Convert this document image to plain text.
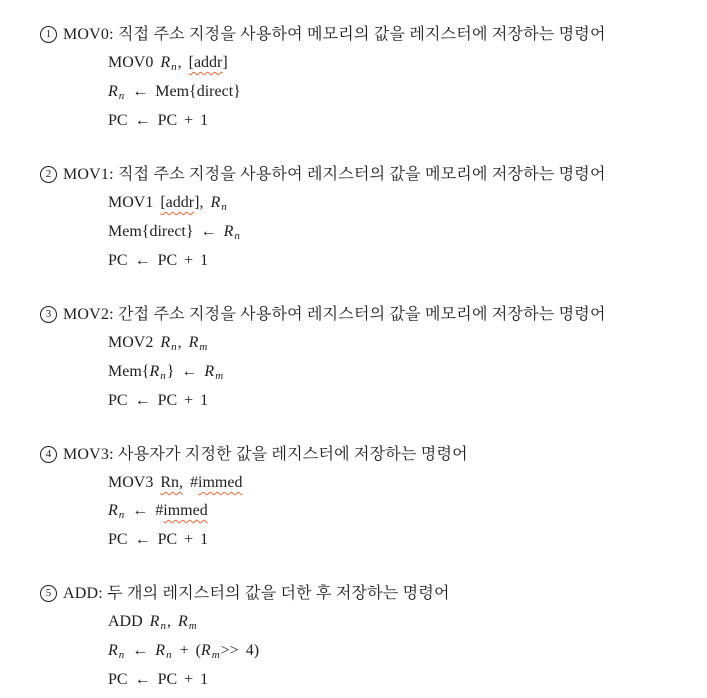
1 MOV0: 직접 주소 지정을 사용하여 메모리의 값을 레지스터에 저장하는 명령어
MOV0 Rn, [addr]
Rn ← Mem{direct}
PC ← PC + 1
2 MOV1: 직접 주소 지정을 사용하여 레지스터의 값을 메모리에 저장하는 명령어
MOV1 [addr], Rn
Mem{direct} ← Rn
PC ← PC + 1
3 MOV2: 간접 주소 지정을 사용하여 레지스터의 값을 메모리에 저장하는 명령어
MOV2 Rn, Rm
Mem{Rn} ← Rm
PC ← PC + 1
4 MOV3: 사용자가 지정한 값을 레지스터에 저장하는 명령어
MOV3 Rn, #immed
Rn ← #immed
PC ← PC + 1
5 ADD: 두 개의 레지스터의 값을 더한 후 저장하는 명령어
ADD Rn, Rm
Rn ← Rn + (Rm>> 4)
PC ← PC + 1
